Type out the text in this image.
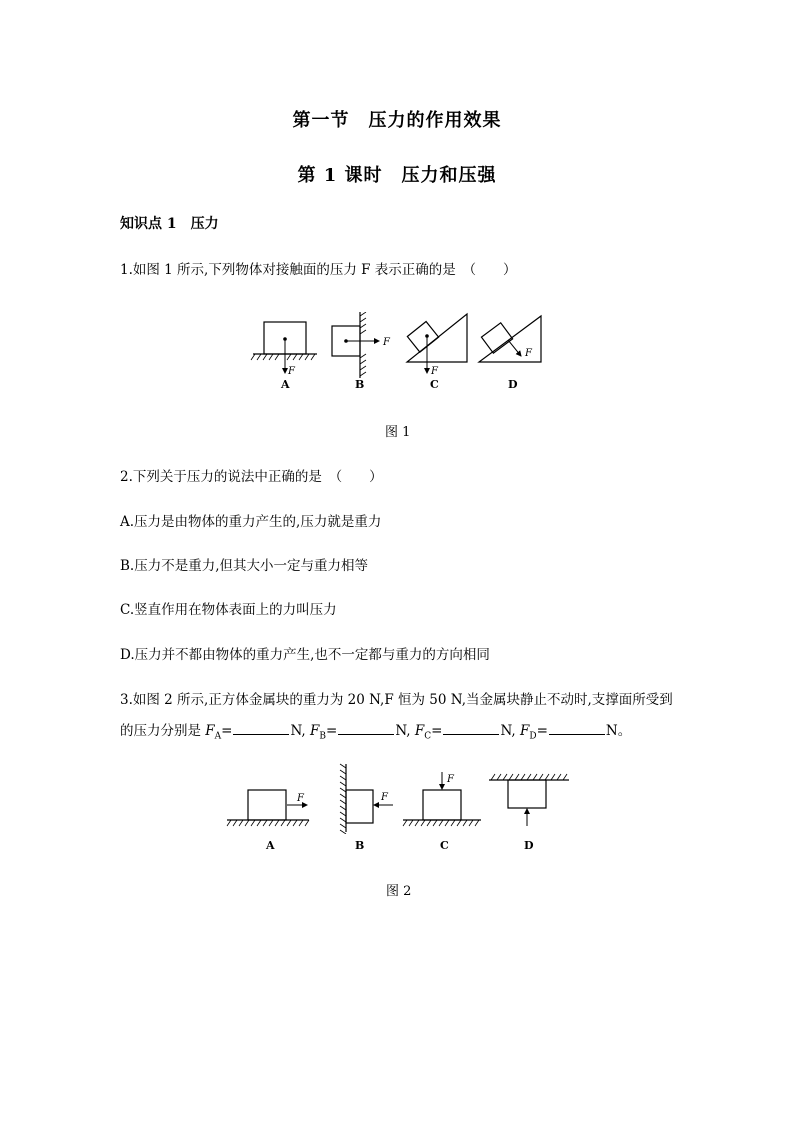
第一节　压力的作用效果
第 1 课时　压力和压强
知识点 1　压力
1.如图 1 所示,下列物体对接触面的压力 F 表示正确的是　（　　）
F
F
F
F
A	B	C	D
图 1
2.下列关于压力的说法中正确的是　（　　）
A.压力是由物体的重力产生的,压力就是重力
B.压力不是重力,但其大小一定与重力相等
C.竖直作用在物体表面上的力叫压力
D.压力并不都由物体的重力产生,也不一定都与重力的方向相同
3.如图 2 所示,正方体金属块的重力为 20 N,F 恒为 50 N,当金属块静止不动时,支撑面所受到
的压力分别是 $F_A=$	N, $F_B=$	N, $F_C=$	N, $F_D=$	N。
F	F
F
A	B	C	D
图 2
